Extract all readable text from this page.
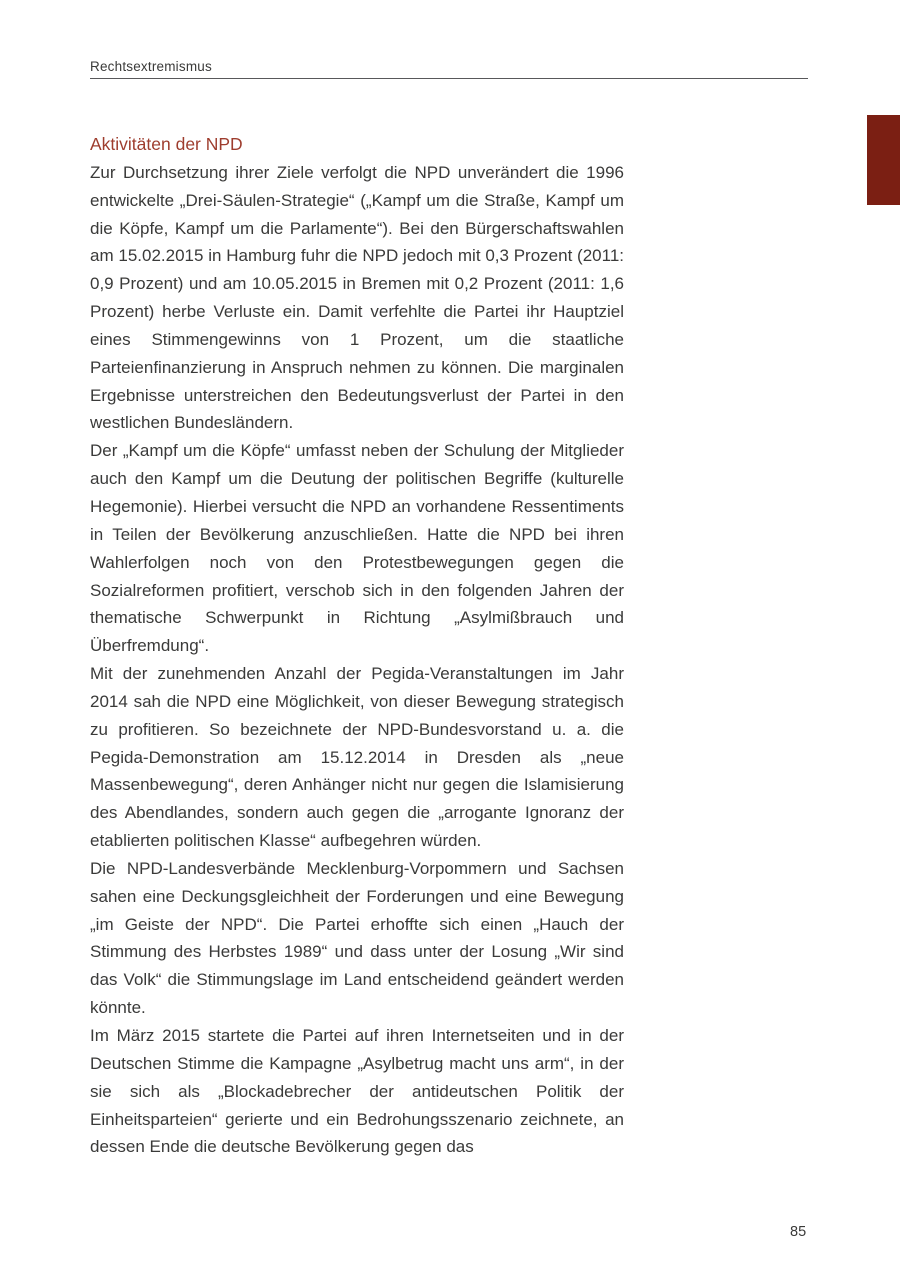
Rechtsextremismus
Aktivitäten der NPD

Zur Durchsetzung ihrer Ziele verfolgt die NPD unverändert die 1996 entwickelte „Drei-Säulen-Strategie“ („Kampf um die Straße, Kampf um die Köpfe, Kampf um die Parlamente“). Bei den Bürgerschaftswahlen am 15.02.2015 in Hamburg fuhr die NPD jedoch mit 0,3 Prozent (2011: 0,9 Prozent) und am 10.05.2015 in Bremen mit 0,2 Prozent (2011: 1,6 Prozent) herbe Verluste ein. Damit verfehlte die Partei ihr Hauptziel eines Stimmengewinns von 1 Prozent, um die staatliche Parteienfinanzierung in Anspruch nehmen zu können. Die marginalen Ergebnisse unterstreichen den Bedeutungsverlust der Partei in den westlichen Bundesländern.

Der „Kampf um die Köpfe“ umfasst neben der Schulung der Mitglieder auch den Kampf um die Deutung der politischen Begriffe (kulturelle Hegemonie). Hierbei versucht die NPD an vorhandene Ressentiments in Teilen der Bevölkerung anzuschließen. Hatte die NPD bei ihren Wahlerfolgen noch von den Protestbewegungen gegen die Sozialreformen profitiert, verschob sich in den folgenden Jahren der thematische Schwerpunkt in Richtung „Asylmißbrauch und Überfremdung“.

Mit der zunehmenden Anzahl der Pegida-Veranstaltungen im Jahr 2014 sah die NPD eine Möglichkeit, von dieser Bewegung strategisch zu profitieren. So bezeichnete der NPD-Bundesvorstand u. a. die Pegida-Demonstration am 15.12.2014 in Dresden als „neue Massenbewegung“, deren Anhänger nicht nur gegen die Islamisierung des Abendlandes, sondern auch gegen die „arrogante Ignoranz der etablierten politischen Klasse“ aufbegehren würden.

Die NPD-Landesverbände Mecklenburg-Vorpommern und Sachsen sahen eine Deckungsgleichheit der Forderungen und eine Bewegung „im Geiste der NPD“. Die Partei erhoffte sich einen „Hauch der Stimmung des Herbstes 1989“ und dass unter der Losung „Wir sind das Volk“ die Stimmungslage im Land entscheidend geändert werden könnte.

Im März 2015 startete die Partei auf ihren Internetseiten und in der Deutschen Stimme die Kampagne „Asylbetrug macht uns arm“, in der sie sich als „Blockadebrecher der antideutschen Politik der Einheitsparteien“ gerierte und ein Bedrohungsszenario zeichnete, an dessen Ende die deutsche Bevölkerung gegen das

85
